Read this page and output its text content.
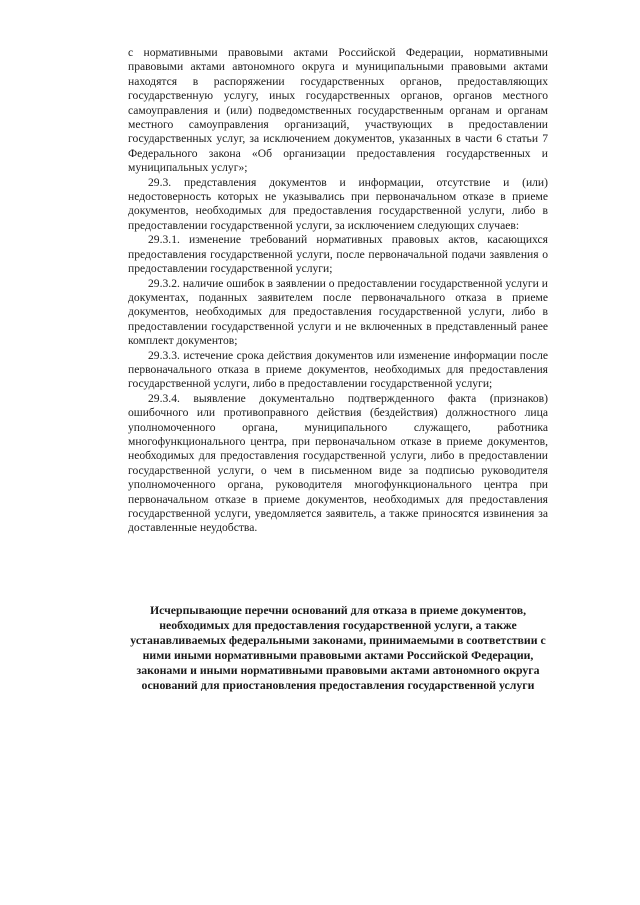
с нормативными правовыми актами Российской Федерации, нормативными правовыми актами автономного округа и муниципальными правовыми актами находятся в распоряжении государственных органов, предоставляющих государственную услугу, иных государственных органов, органов местного самоуправления и (или) подведомственных государственным органам и органам местного самоуправления организаций, участвующих в предоставлении государственных услуг, за исключением документов, указанных в части 6 статьи 7 Федерального закона «Об организации предоставления государственных и муниципальных услуг»;

29.3. представления документов и информации, отсутствие и (или) недостоверность которых не указывались при первоначальном отказе в приеме документов, необходимых для предоставления государственной услуги, либо в предоставлении государственной услуги, за исключением следующих случаев:

29.3.1. изменение требований нормативных правовых актов, касающихся предоставления государственной услуги, после первоначальной подачи заявления о предоставлении государственной услуги;

29.3.2. наличие ошибок в заявлении о предоставлении государственной услуги и документах, поданных заявителем после первоначального отказа в приеме документов, необходимых для предоставления государственной услуги, либо в предоставлении государственной услуги и не включенных в представленный ранее комплект документов;

29.3.3. истечение срока действия документов или изменение информации после первоначального отказа в приеме документов, необходимых для предоставления государственной услуги, либо в предоставлении государственной услуги;

29.3.4. выявление документально подтвержденного факта (признаков) ошибочного или противоправного действия (бездействия) должностного лица уполномоченного органа, муниципального служащего, работника многофункционального центра, при первоначальном отказе в приеме документов, необходимых для предоставления государственной услуги, либо в предоставлении государственной услуги, о чем в письменном виде за подписью руководителя уполномоченного органа, руководителя многофункционального центра при первоначальном отказе в приеме документов, необходимых для предоставления государственной услуги, уведомляется заявитель, а также приносятся извинения за доставленные неудобства.

Исчерпывающие перечни оснований для отказа в приеме документов, необходимых для предоставления государственной услуги, а также устанавливаемых федеральными законами, принимаемыми в соответствии с ними иными нормативными правовыми актами Российской Федерации, законами и иными нормативными правовыми актами автономного округа оснований для приостановления предоставления государственной услуги
